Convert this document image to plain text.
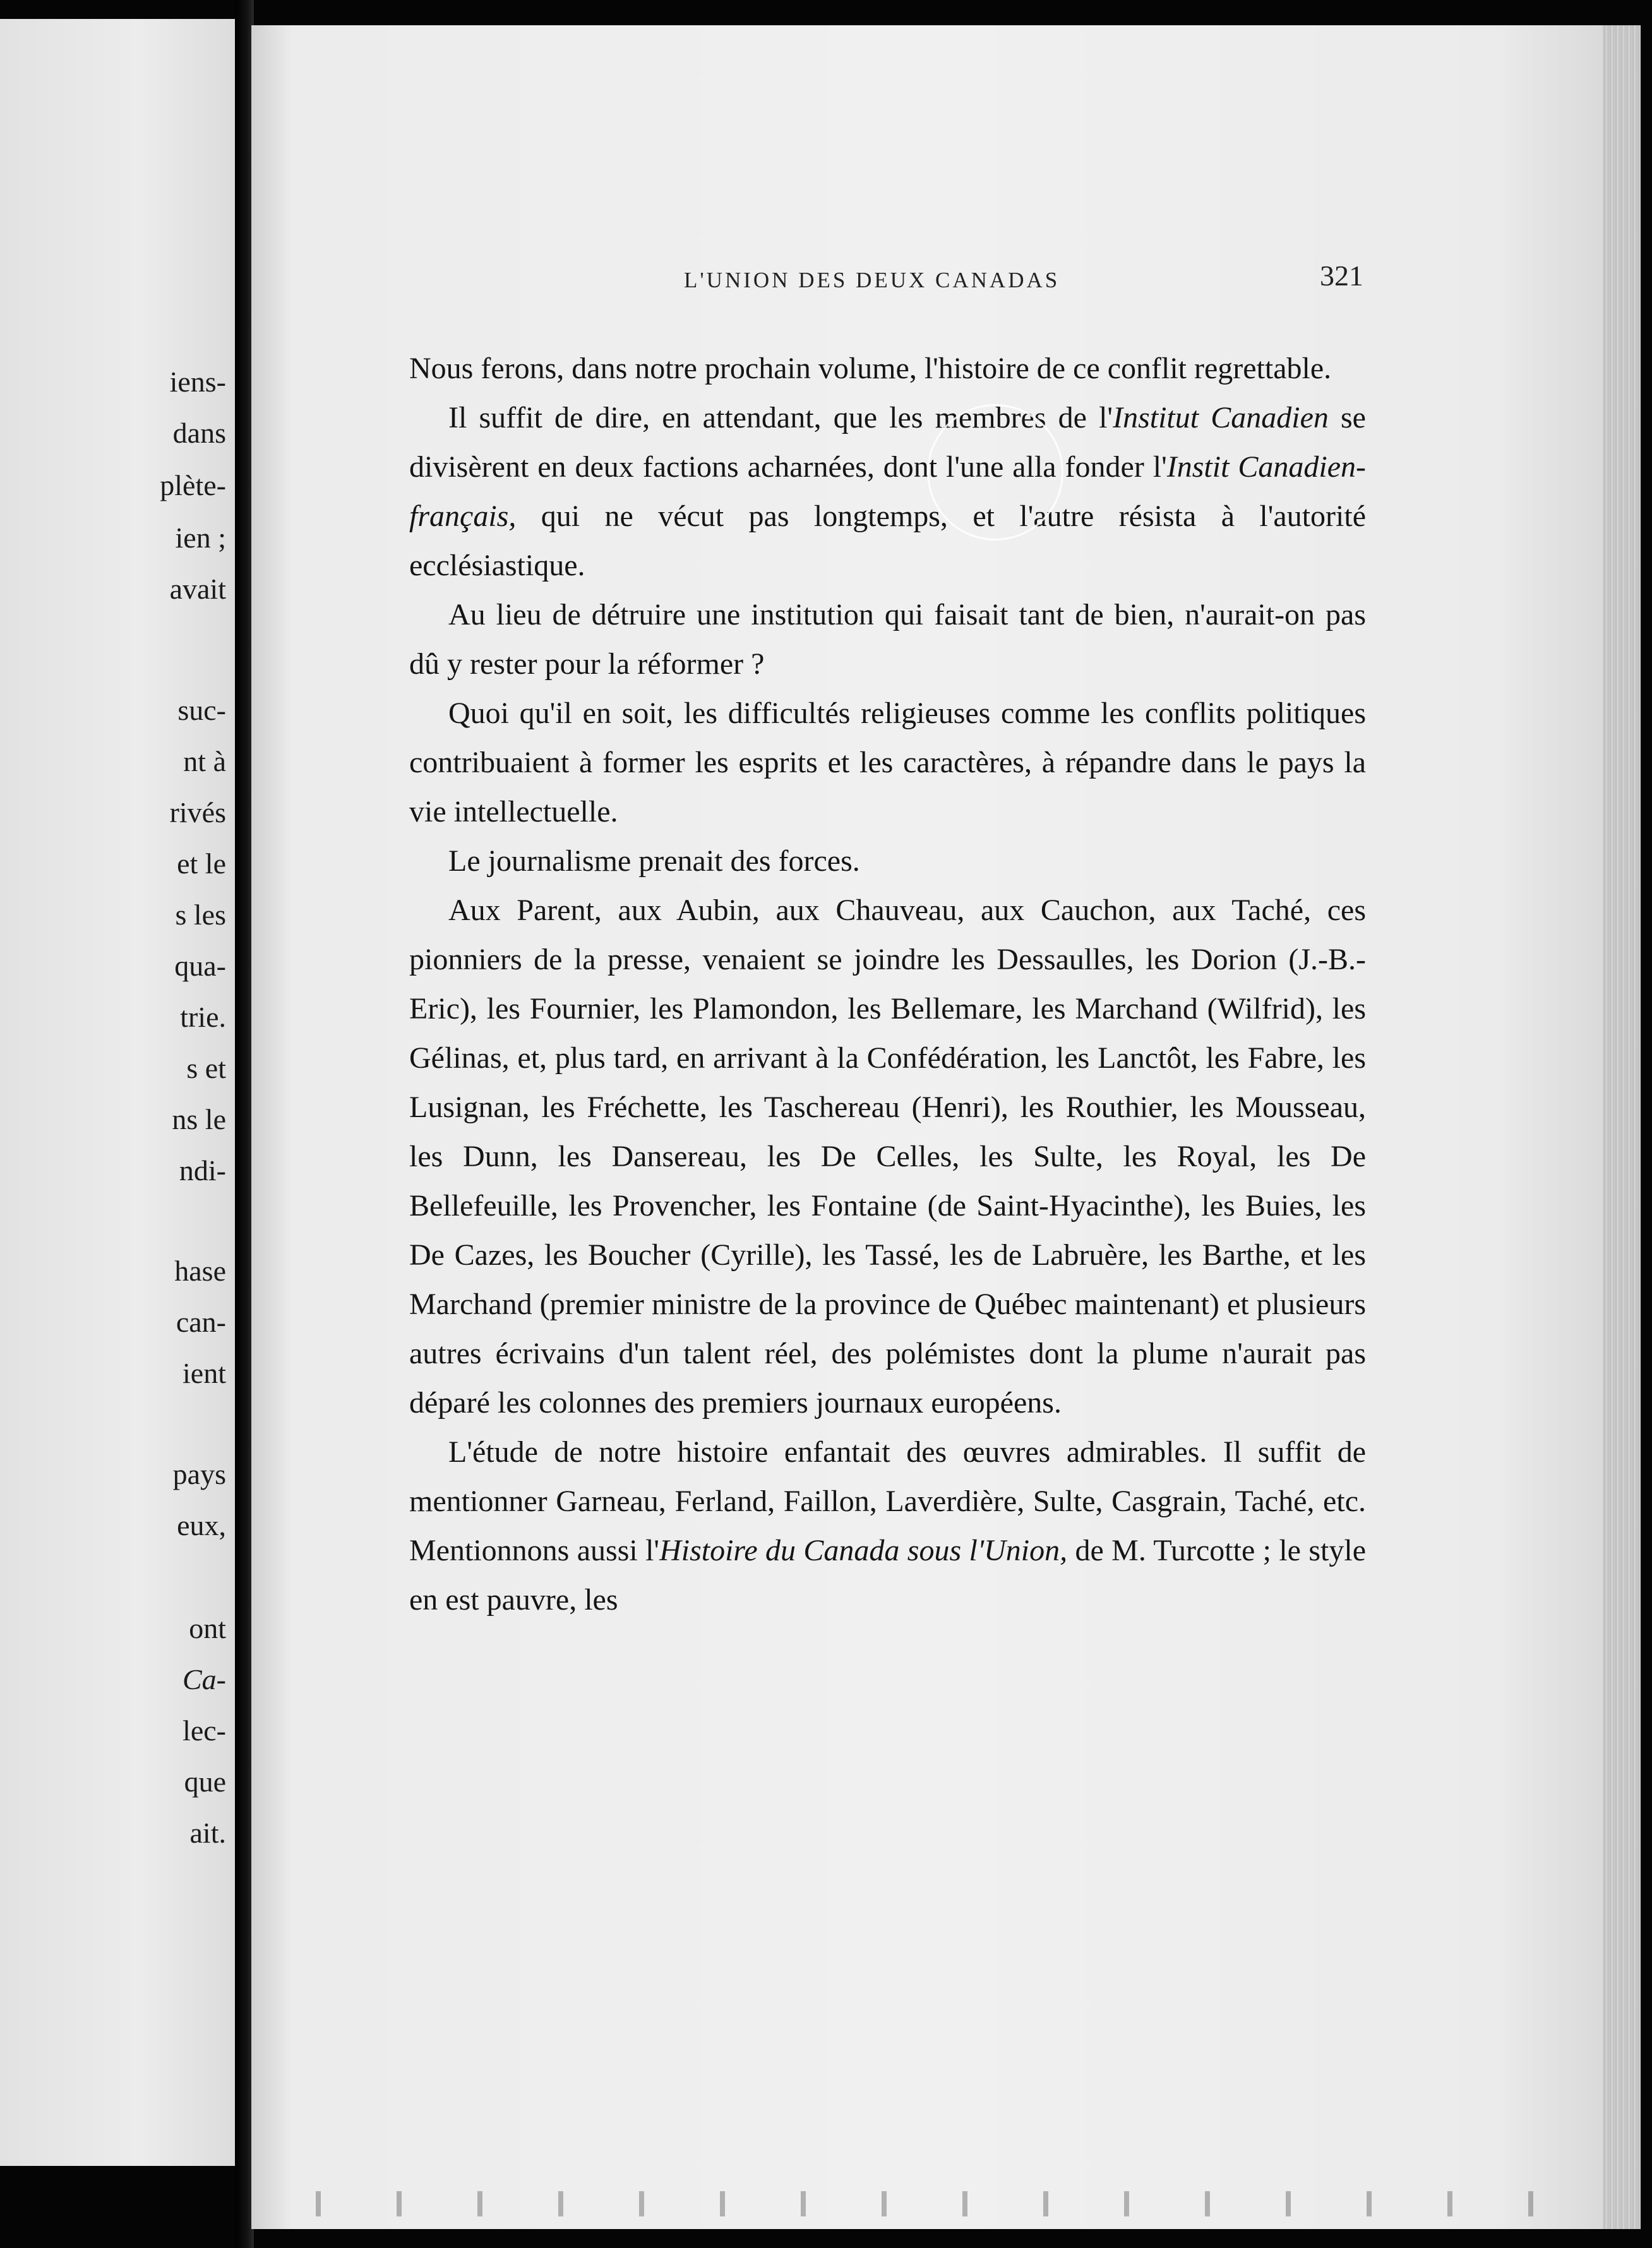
iens-
dans
plète-
ien ;
avait
suc-
nt à
rivés
et le
s les
qua-
trie.
s et
ns le
ndi-
hase
can-
ient
pays
eux,
ont
Ca-
lec-
que
ait.
L'UNION DES DEUX CANADAS	321

Nous ferons, dans notre prochain volume, l'histoire de ce conflit regrettable.

Il suffit de dire, en attendant, que les membres de l'Institut Canadien se divisèrent en deux factions acharnées, dont l'une alla fonder l'Instit Canadien-français, qui ne vécut pas longtemps, et l'autre résista à l'autorité ecclésiastique.

Au lieu de détruire une institution qui faisait tant de bien, n'aurait-on pas dû y rester pour la réformer ?

Quoi qu'il en soit, les difficultés religieuses comme les conflits politiques contribuaient à former les esprits et les caractères, à répandre dans le pays la vie intellectuelle.

Le journalisme prenait des forces.

Aux Parent, aux Aubin, aux Chauveau, aux Cauchon, aux Taché, ces pionniers de la presse, venaient se joindre les Dessaulles, les Dorion (J.-B.-Eric), les Fournier, les Plamondon, les Bellemare, les Marchand (Wilfrid), les Gélinas, et, plus tard, en arrivant à la Confédération, les Lanctôt, les Fabre, les Lusignan, les Fréchette, les Taschereau (Henri), les Routhier, les Mousseau, les Dunn, les Dansereau, les De Celles, les Sulte, les Royal, les De Bellefeuille, les Provencher, les Fontaine (de Saint-Hyacinthe), les Buies, les De Cazes, les Boucher (Cyrille), les Tassé, les de Labruère, les Barthe, et les Marchand (premier ministre de la province de Québec maintenant) et plusieurs autres écrivains d'un talent réel, des polémistes dont la plume n'aurait pas déparé les colonnes des premiers journaux européens.

L'étude de notre histoire enfantait des œuvres admirables. Il suffit de mentionner Garneau, Ferland, Faillon, Laverdière, Sulte, Casgrain, Taché, etc. Mentionnons aussi l'Histoire du Canada sous l'Union, de M. Turcotte ; le style en est pauvre, les
